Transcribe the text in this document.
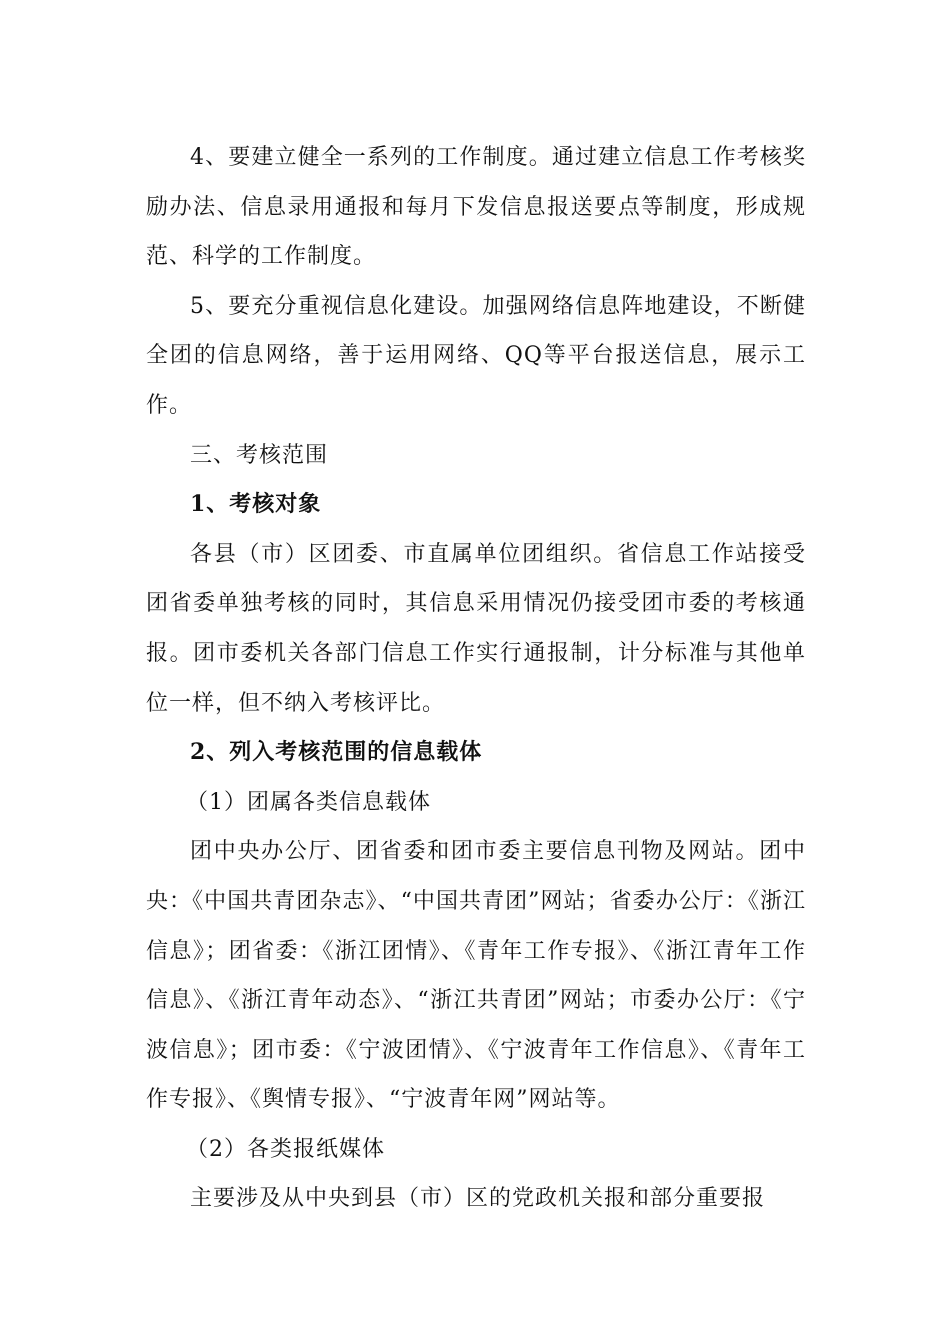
4、要建立健全一系列的工作制度。通过建立信息工作考核奖励办法、信息录用通报和每月下发信息报送要点等制度，形成规范、科学的工作制度。

5、要充分重视信息化建设。加强网络信息阵地建设，不断健全团的信息网络，善于运用网络、QQ等平台报送信息，展示工作。

三、考核范围

1、考核对象

各县（市）区团委、市直属单位团组织。省信息工作站接受团省委单独考核的同时，其信息采用情况仍接受团市委的考核通报。团市委机关各部门信息工作实行通报制，计分标准与其他单位一样，但不纳入考核评比。

2、列入考核范围的信息载体

（1）团属各类信息载体

团中央办公厅、团省委和团市委主要信息刊物及网站。团中央：《中国共青团杂志》、“中国共青团”网站；省委办公厅：《浙江信息》；团省委：《浙江团情》、《青年工作专报》、《浙江青年工作信息》、《浙江青年动态》、“浙江共青团”网站；市委办公厅：《宁波信息》；团市委：《宁波团情》、《宁波青年工作信息》、《青年工作专报》、《舆情专报》、“宁波青年网”网站等。

（2）各类报纸媒体

主要涉及从中央到县（市）区的党政机关报和部分重要报
